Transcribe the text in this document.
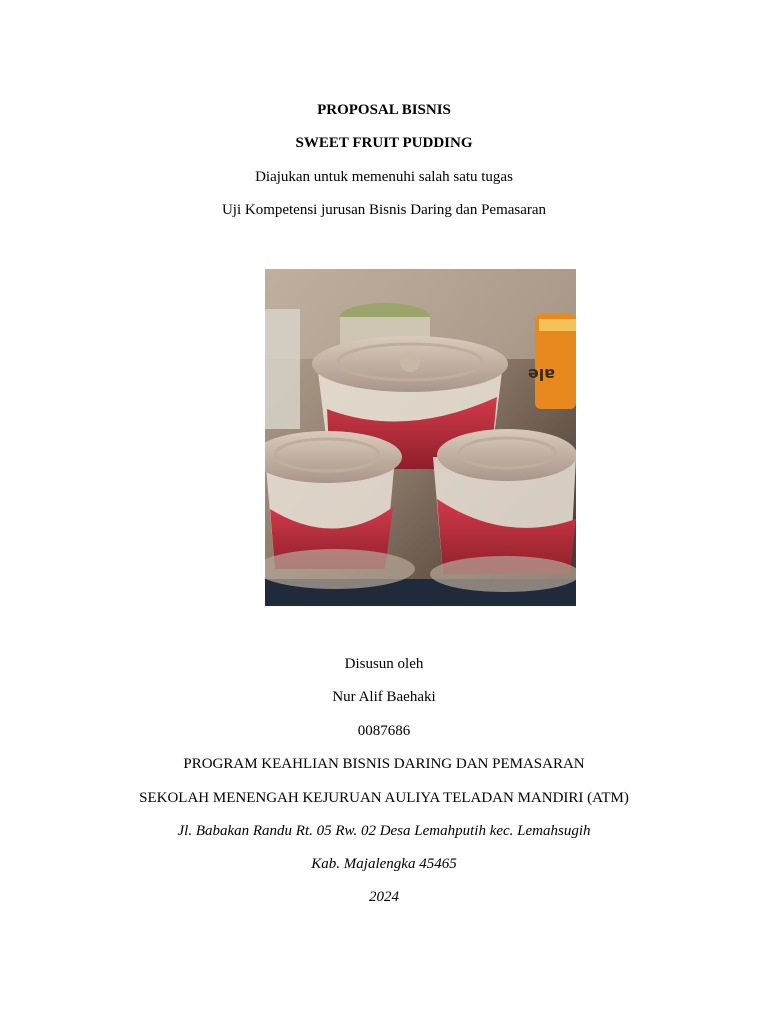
PROPOSAL BISNIS

SWEET FRUIT PUDDING

Diajukan untuk memenuhi salah satu tugas

Uji Kompetensi jurusan Bisnis Daring dan Pemasaran

ale

Disusun oleh

Nur Alif Baehaki

0087686

PROGRAM KEAHLIAN BISNIS DARING DAN PEMASARAN

SEKOLAH MENENGAH KEJURUAN AULIYA TELADAN MANDIRI (ATM)

Jl. Babakan Randu Rt. 05 Rw. 02 Desa Lemahputih kec. Lemahsugih

Kab. Majalengka 45465

2024
